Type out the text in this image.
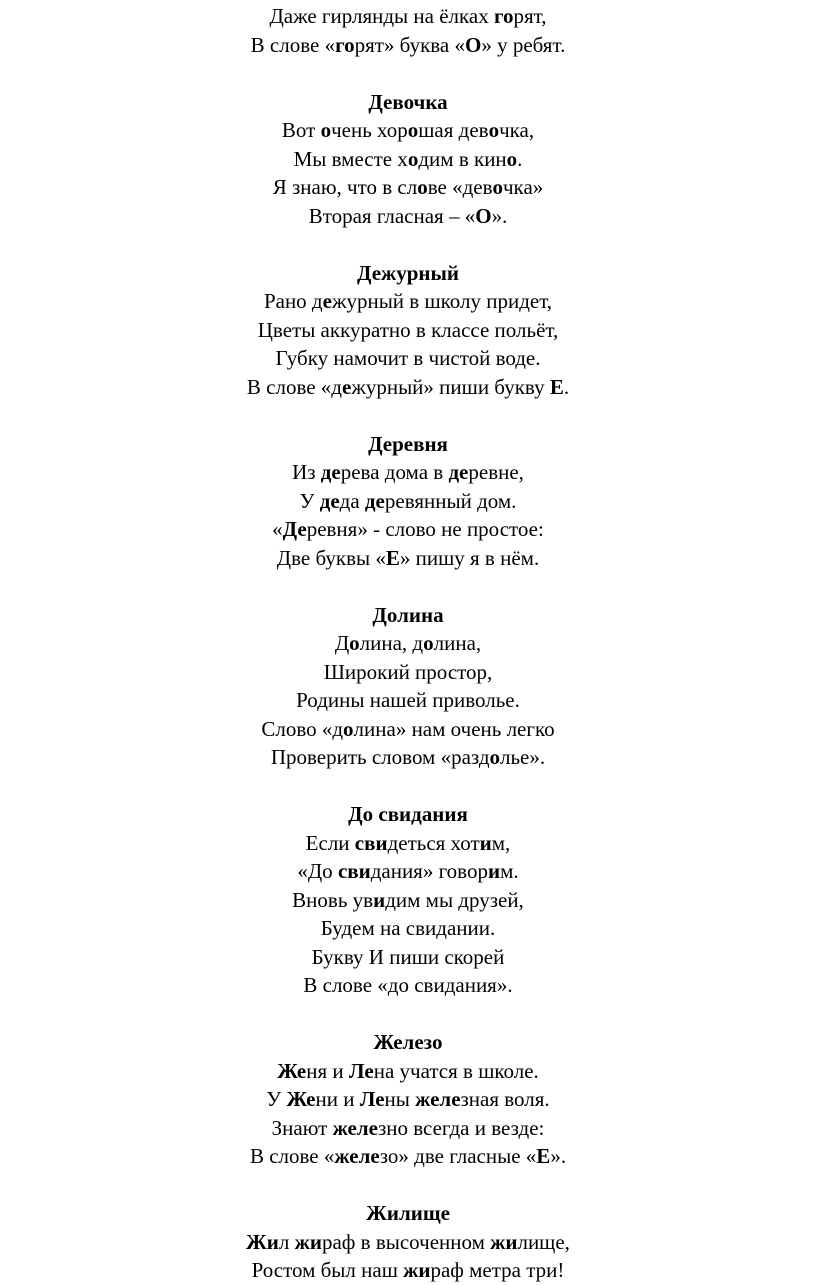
Даже гирлянды на ёлках горят,
В слове «горят» буква «О» у ребят.
Девочка
Вот очень хорошая девочка,
Мы вместе ходим в кино.
Я знаю, что в слове «девочка»
Вторая гласная – «О».
Дежурный
Рано дежурный в школу придет,
Цветы аккуратно в классе польёт,
Губку намочит в чистой воде.
В слове «дежурный» пиши букву Е.
Деревня
Из дерева дома в деревне,
У деда деревянный дом.
«Деревня» - слово не простое:
Две буквы «Е» пишу я в нём.
Долина
Долина, долина,
Широкий простор,
Родины нашей приволье.
Слово «долина» нам очень легко
Проверить словом «раздолье».
До свидания
Если свидеться хотим,
«До свидания» говорим.
Вновь увидим мы друзей,
Будем на свидании.
Букву И пиши скорей
В слове «до свидания».
Железо
Женя и Лена учатся в школе.
У Жени и Лены железная воля.
Знают железно всегда и везде:
В слове «железо» две гласные «Е».
Жилище
Жил жираф в высоченном жилище,
Ростом был наш жираф метра три!
